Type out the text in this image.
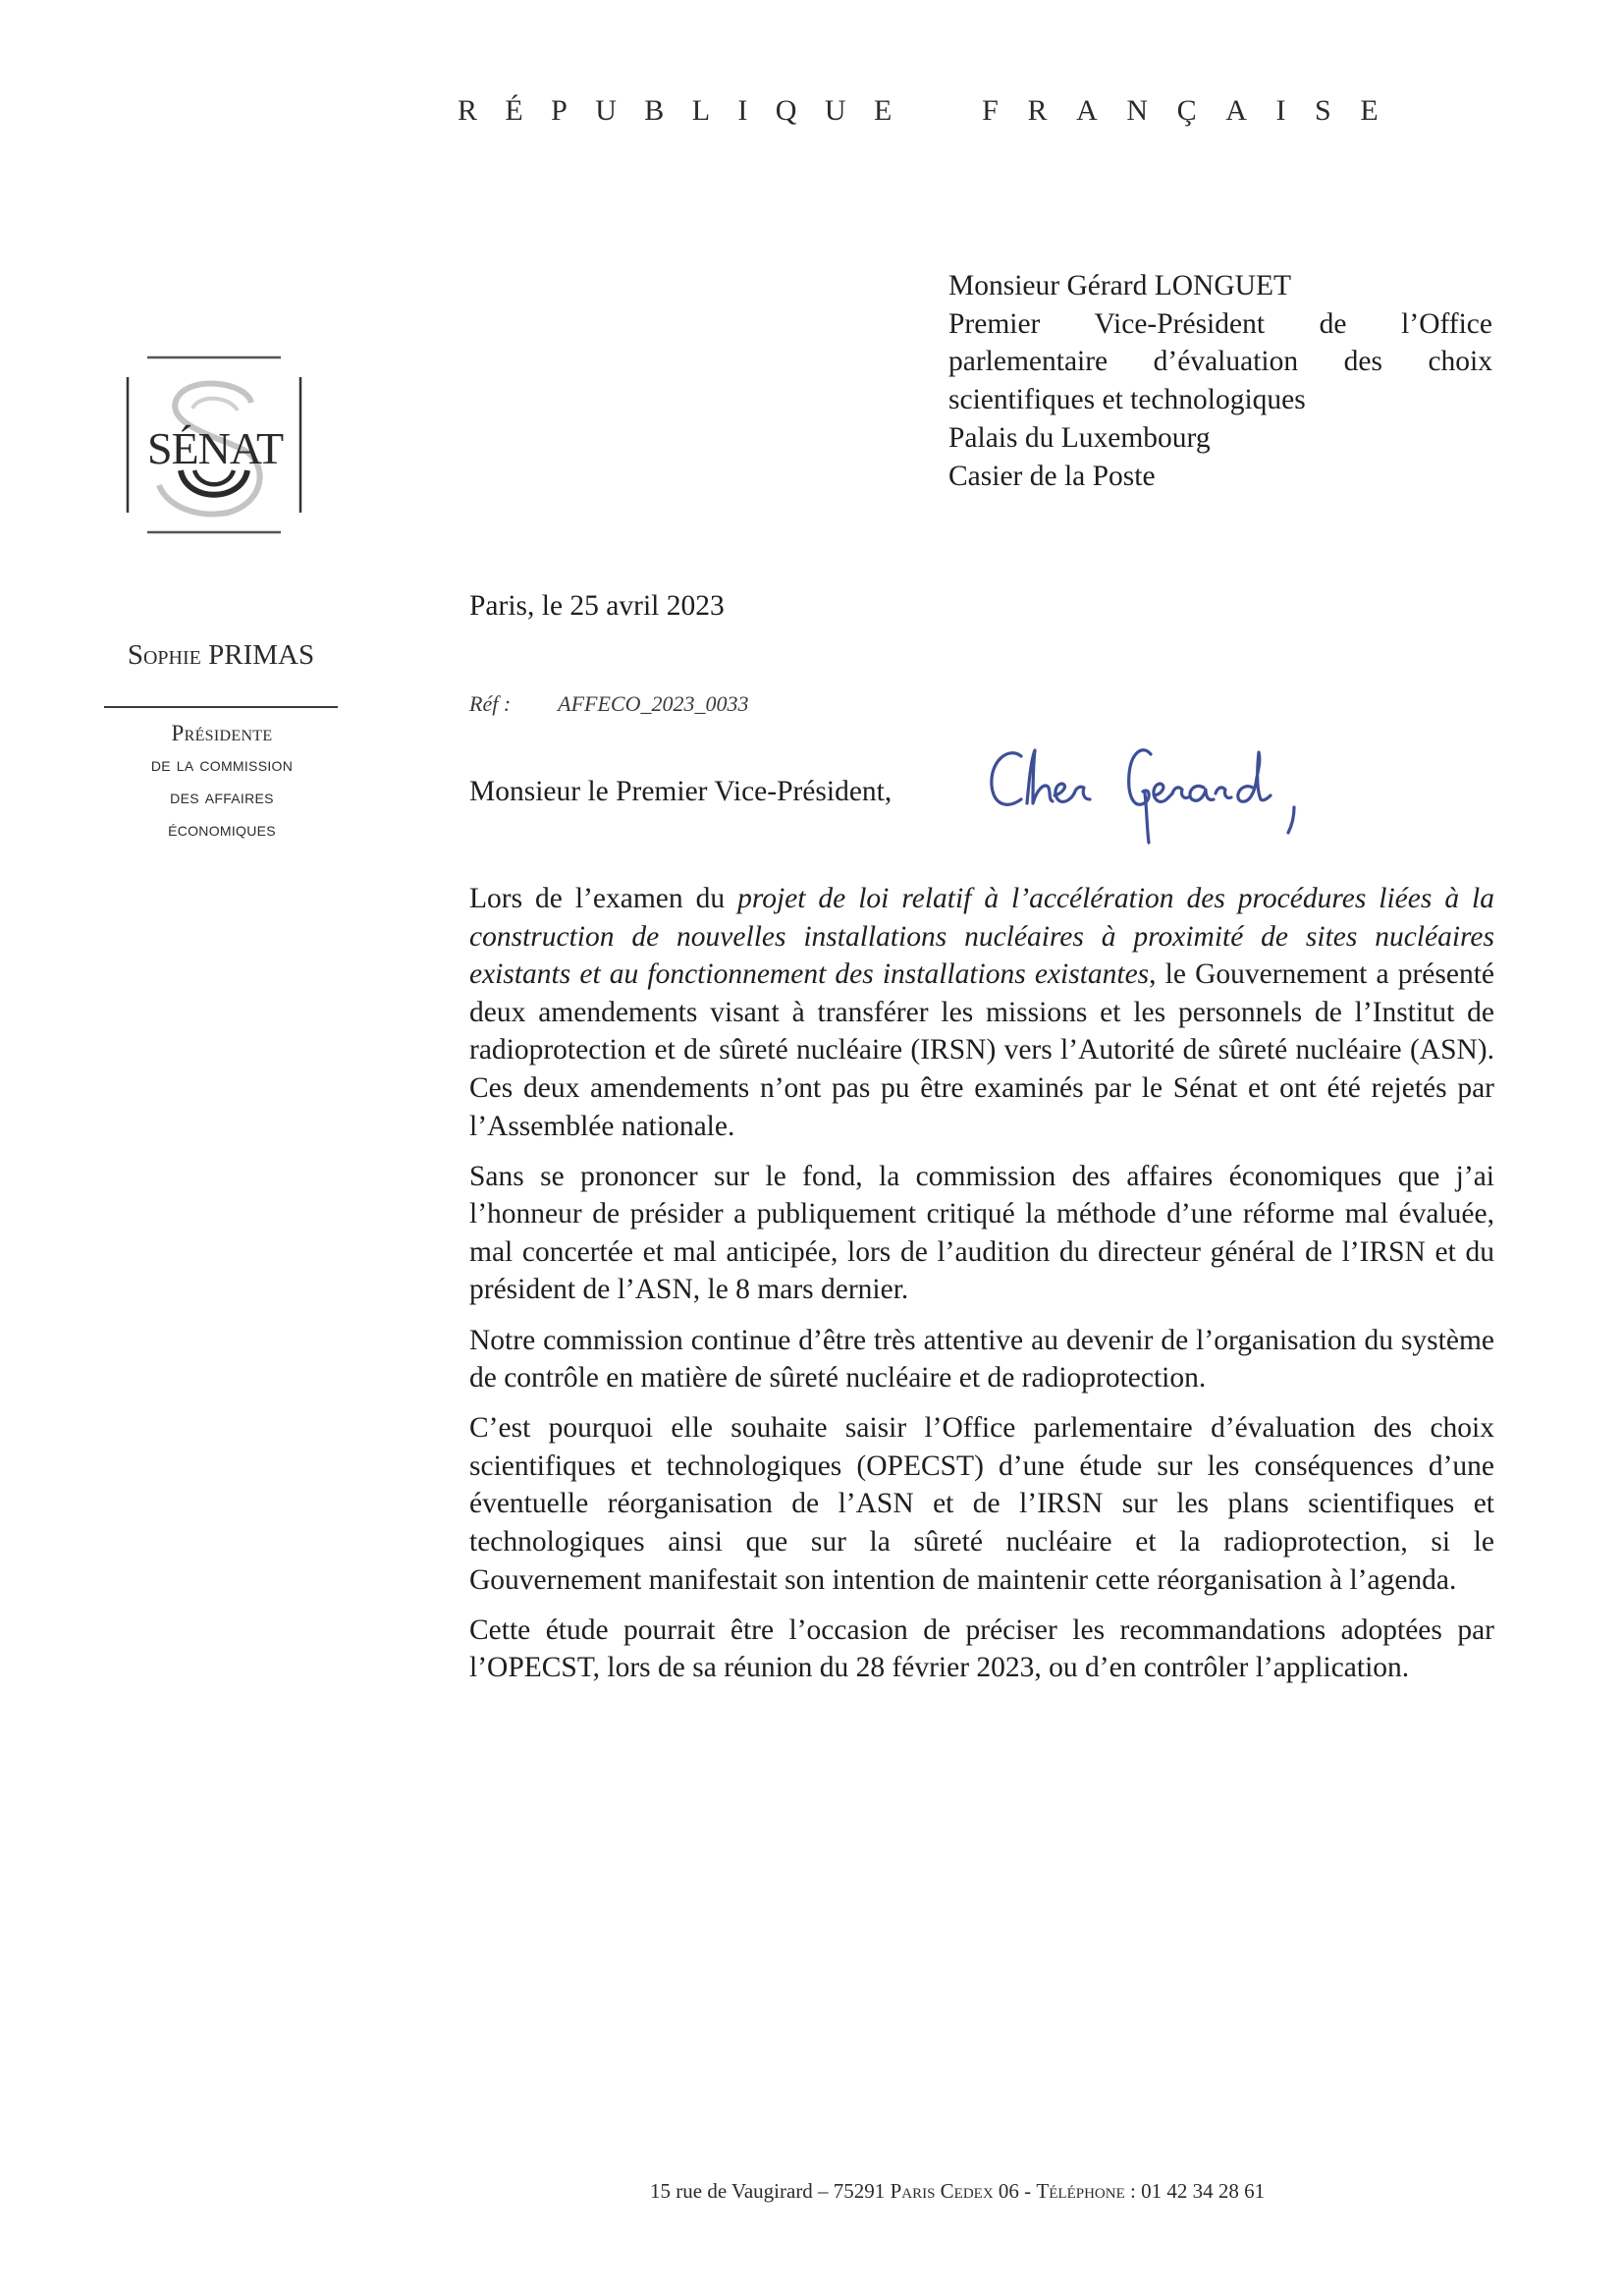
RÉPUBLIQUE FRANÇAISE
SÉNAT
Sophie PRIMAS
Présidente
de la commission
des affaires
économiques
Monsieur Gérard LONGUET
Premier Vice-Président de l’Office
parlementaire d’évaluation des choix
scientifiques et technologiques
Palais du Luxembourg
Casier de la Poste
Paris, le 25 avril 2023
Réf : AFFECO_2023_0033
Monsieur le Premier Vice-Président,

Lors de l’examen du projet de loi relatif à l’accélération des procédures liées à la construction de nouvelles installations nucléaires à proximité de sites nucléaires existants et au fonctionnement des installations existantes, le Gouvernement a présenté deux amendements visant à transférer les missions et les personnels de l’Institut de radioprotection et de sûreté nucléaire (IRSN) vers l’Autorité de sûreté nucléaire (ASN). Ces deux amendements n’ont pas pu être examinés par le Sénat et ont été rejetés par l’Assemblée nationale.

Sans se prononcer sur le fond, la commission des affaires économiques que j’ai l’honneur de présider a publiquement critiqué la méthode d’une réforme mal évaluée, mal concertée et mal anticipée, lors de l’audition du directeur général de l’IRSN et du président de l’ASN, le 8 mars dernier.

Notre commission continue d’être très attentive au devenir de l’organisation du système de contrôle en matière de sûreté nucléaire et de radioprotection.

C’est pourquoi elle souhaite saisir l’Office parlementaire d’évaluation des choix scientifiques et technologiques (OPECST) d’une étude sur les conséquences d’une éventuelle réorganisation de l’ASN et de l’IRSN sur les plans scientifiques et technologiques ainsi que sur la sûreté nucléaire et la radioprotection, si le Gouvernement manifestait son intention de maintenir cette réorganisation à l’agenda.

Cette étude pourrait être l’occasion de préciser les recommandations adoptées par l’OPECST, lors de sa réunion du 28 février 2023, ou d’en contrôler l’application.

15 rue de Vaugirard – 75291 Paris Cedex 06 - Téléphone : 01 42 34 28 61
